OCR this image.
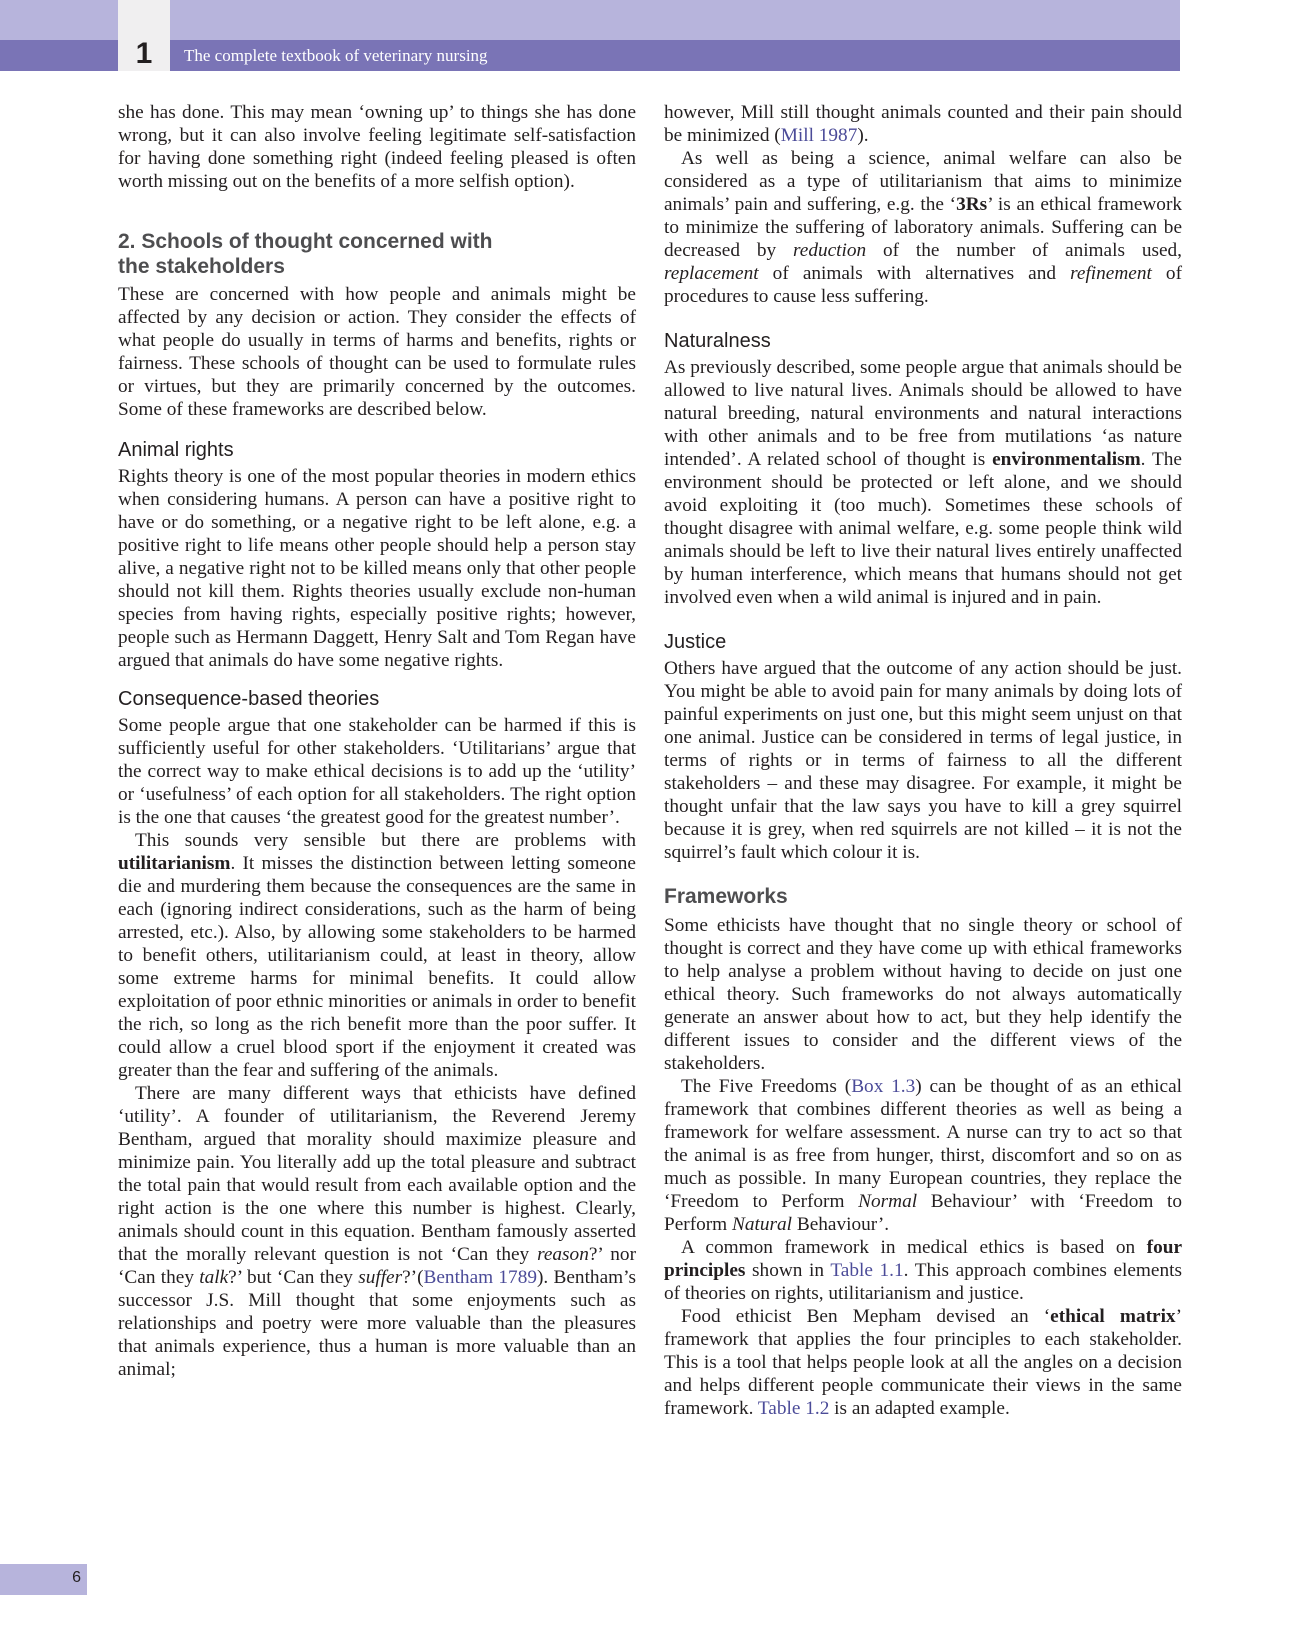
1 The complete textbook of veterinary nursing

she has done. This may mean ‘owning up’ to things she has done wrong, but it can also involve feeling legitimate self-satisfaction for having done something right (indeed feeling pleased is often worth missing out on the benefits of a more selfish option).

2. Schools of thought concerned with the stakeholders

These are concerned with how people and animals might be affected by any decision or action. They consider the effects of what people do usually in terms of harms and benefits, rights or fairness. These schools of thought can be used to formulate rules or virtues, but they are primarily concerned by the outcomes. Some of these frameworks are described below.

Animal rights

Rights theory is one of the most popular theories in modern ethics when considering humans. A person can have a positive right to have or do something, or a negative right to be left alone, e.g. a positive right to life means other people should help a person stay alive, a negative right not to be killed means only that other people should not kill them. Rights theories usually exclude non-human species from having rights, especially positive rights; however, people such as Hermann Daggett, Henry Salt and Tom Regan have argued that animals do have some negative rights.

Consequence-based theories

Some people argue that one stakeholder can be harmed if this is sufficiently useful for other stakeholders. ‘Utilitarians’ argue that the correct way to make ethical decisions is to add up the ‘utility’ or ‘usefulness’ of each option for all stakeholders. The right option is the one that causes ‘the greatest good for the greatest number’.

This sounds very sensible but there are problems with utilitarianism. It misses the distinction between letting someone die and murdering them because the consequences are the same in each (ignoring indirect considerations, such as the harm of being arrested, etc.). Also, by allowing some stakeholders to be harmed to benefit others, utilitarianism could, at least in theory, allow some extreme harms for minimal benefits. It could allow exploitation of poor ethnic minorities or animals in order to benefit the rich, so long as the rich benefit more than the poor suffer. It could allow a cruel blood sport if the enjoyment it created was greater than the fear and suffering of the animals.

There are many different ways that ethicists have defined ‘utility’. A founder of utilitarianism, the Reverend Jeremy Bentham, argued that morality should maximize pleasure and minimize pain. You literally add up the total pleasure and subtract the total pain that would result from each available option and the right action is the one where this number is highest. Clearly, animals should count in this equation. Bentham famously asserted that the morally relevant question is not ‘Can they reason?’ nor ‘Can they talk?’ but ‘Can they suffer?’(Bentham 1789). Bentham’s successor J.S. Mill thought that some enjoyments such as relationships and poetry were more valuable than the pleasures that animals experience, thus a human is more valuable than an animal;

however, Mill still thought animals counted and their pain should be minimized (Mill 1987).

As well as being a science, animal welfare can also be considered as a type of utilitarianism that aims to minimize animals’ pain and suffering, e.g. the ‘3Rs’ is an ethical framework to minimize the suffering of laboratory animals. Suffering can be decreased by reduction of the number of animals used, replacement of animals with alternatives and refinement of procedures to cause less suffering.

Naturalness

As previously described, some people argue that animals should be allowed to live natural lives. Animals should be allowed to have natural breeding, natural environments and natural interactions with other animals and to be free from mutilations ‘as nature intended’. A related school of thought is environmentalism. The environment should be protected or left alone, and we should avoid exploiting it (too much). Sometimes these schools of thought disagree with animal welfare, e.g. some people think wild animals should be left to live their natural lives entirely unaffected by human interference, which means that humans should not get involved even when a wild animal is injured and in pain.

Justice

Others have argued that the outcome of any action should be just. You might be able to avoid pain for many animals by doing lots of painful experiments on just one, but this might seem unjust on that one animal. Justice can be considered in terms of legal justice, in terms of rights or in terms of fairness to all the different stakeholders – and these may disagree. For example, it might be thought unfair that the law says you have to kill a grey squirrel because it is grey, when red squirrels are not killed – it is not the squirrel’s fault which colour it is.

Frameworks

Some ethicists have thought that no single theory or school of thought is correct and they have come up with ethical frameworks to help analyse a problem without having to decide on just one ethical theory. Such frameworks do not always automatically generate an answer about how to act, but they help identify the different issues to consider and the different views of the stakeholders.

The Five Freedoms (Box 1.3) can be thought of as an ethical framework that combines different theories as well as being a framework for welfare assessment. A nurse can try to act so that the animal is as free from hunger, thirst, discomfort and so on as much as possible. In many European countries, they replace the ‘Freedom to Perform Normal Behaviour’ with ‘Freedom to Perform Natural Behaviour’.

A common framework in medical ethics is based on four principles shown in Table 1.1. This approach combines elements of theories on rights, utilitarianism and justice.

Food ethicist Ben Mepham devised an ‘ethical matrix’ framework that applies the four principles to each stakeholder. This is a tool that helps people look at all the angles on a decision and helps different people communicate their views in the same framework. Table 1.2 is an adapted example.

6
